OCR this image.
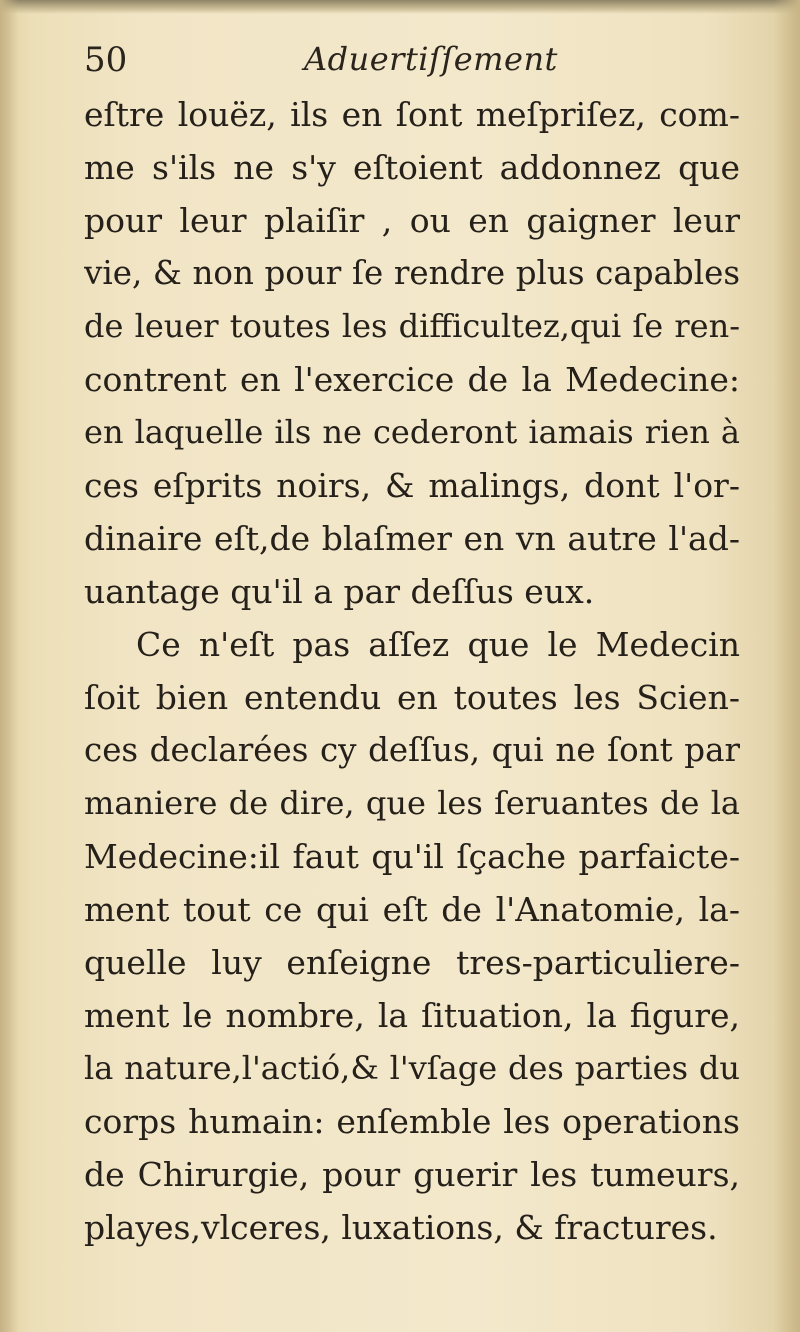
50	Aduertiſſement
eſtre louëz, ils en ſont meſpriſez, com-
me s'ils ne s'y eſtoient addonnez que
pour leur plaiſir , ou en gaigner leur
vie, & non pour ſe rendre plus capables
de leuer toutes les difficultez,qui ſe ren-
contrent en l'exercice de la Medecine:
en laquelle ils ne cederont iamais rien à
ces eſprits noirs, & malings, dont l'or-
dinaire eſt,de blaſmer en vn autre l'ad-
uantage qu'il a par deſſus eux.
Ce n'eſt pas aſſez que le Medecin
ſoit bien entendu en toutes les Scien-
ces declarées cy deſſus, qui ne ſont par
maniere de dire, que les ſeruantes de la
Medecine:il faut qu'il ſçache parfaicte-
ment tout ce qui eſt de l'Anatomie, la-
quelle luy enſeigne tres-particuliere-
ment le nombre, la ſituation, la figure,
la nature,l'actió,& l'vſage des parties du
corps humain: enſemble les operations
de Chirurgie, pour guerir les tumeurs,
playes,vlceres, luxations, & fractures.
